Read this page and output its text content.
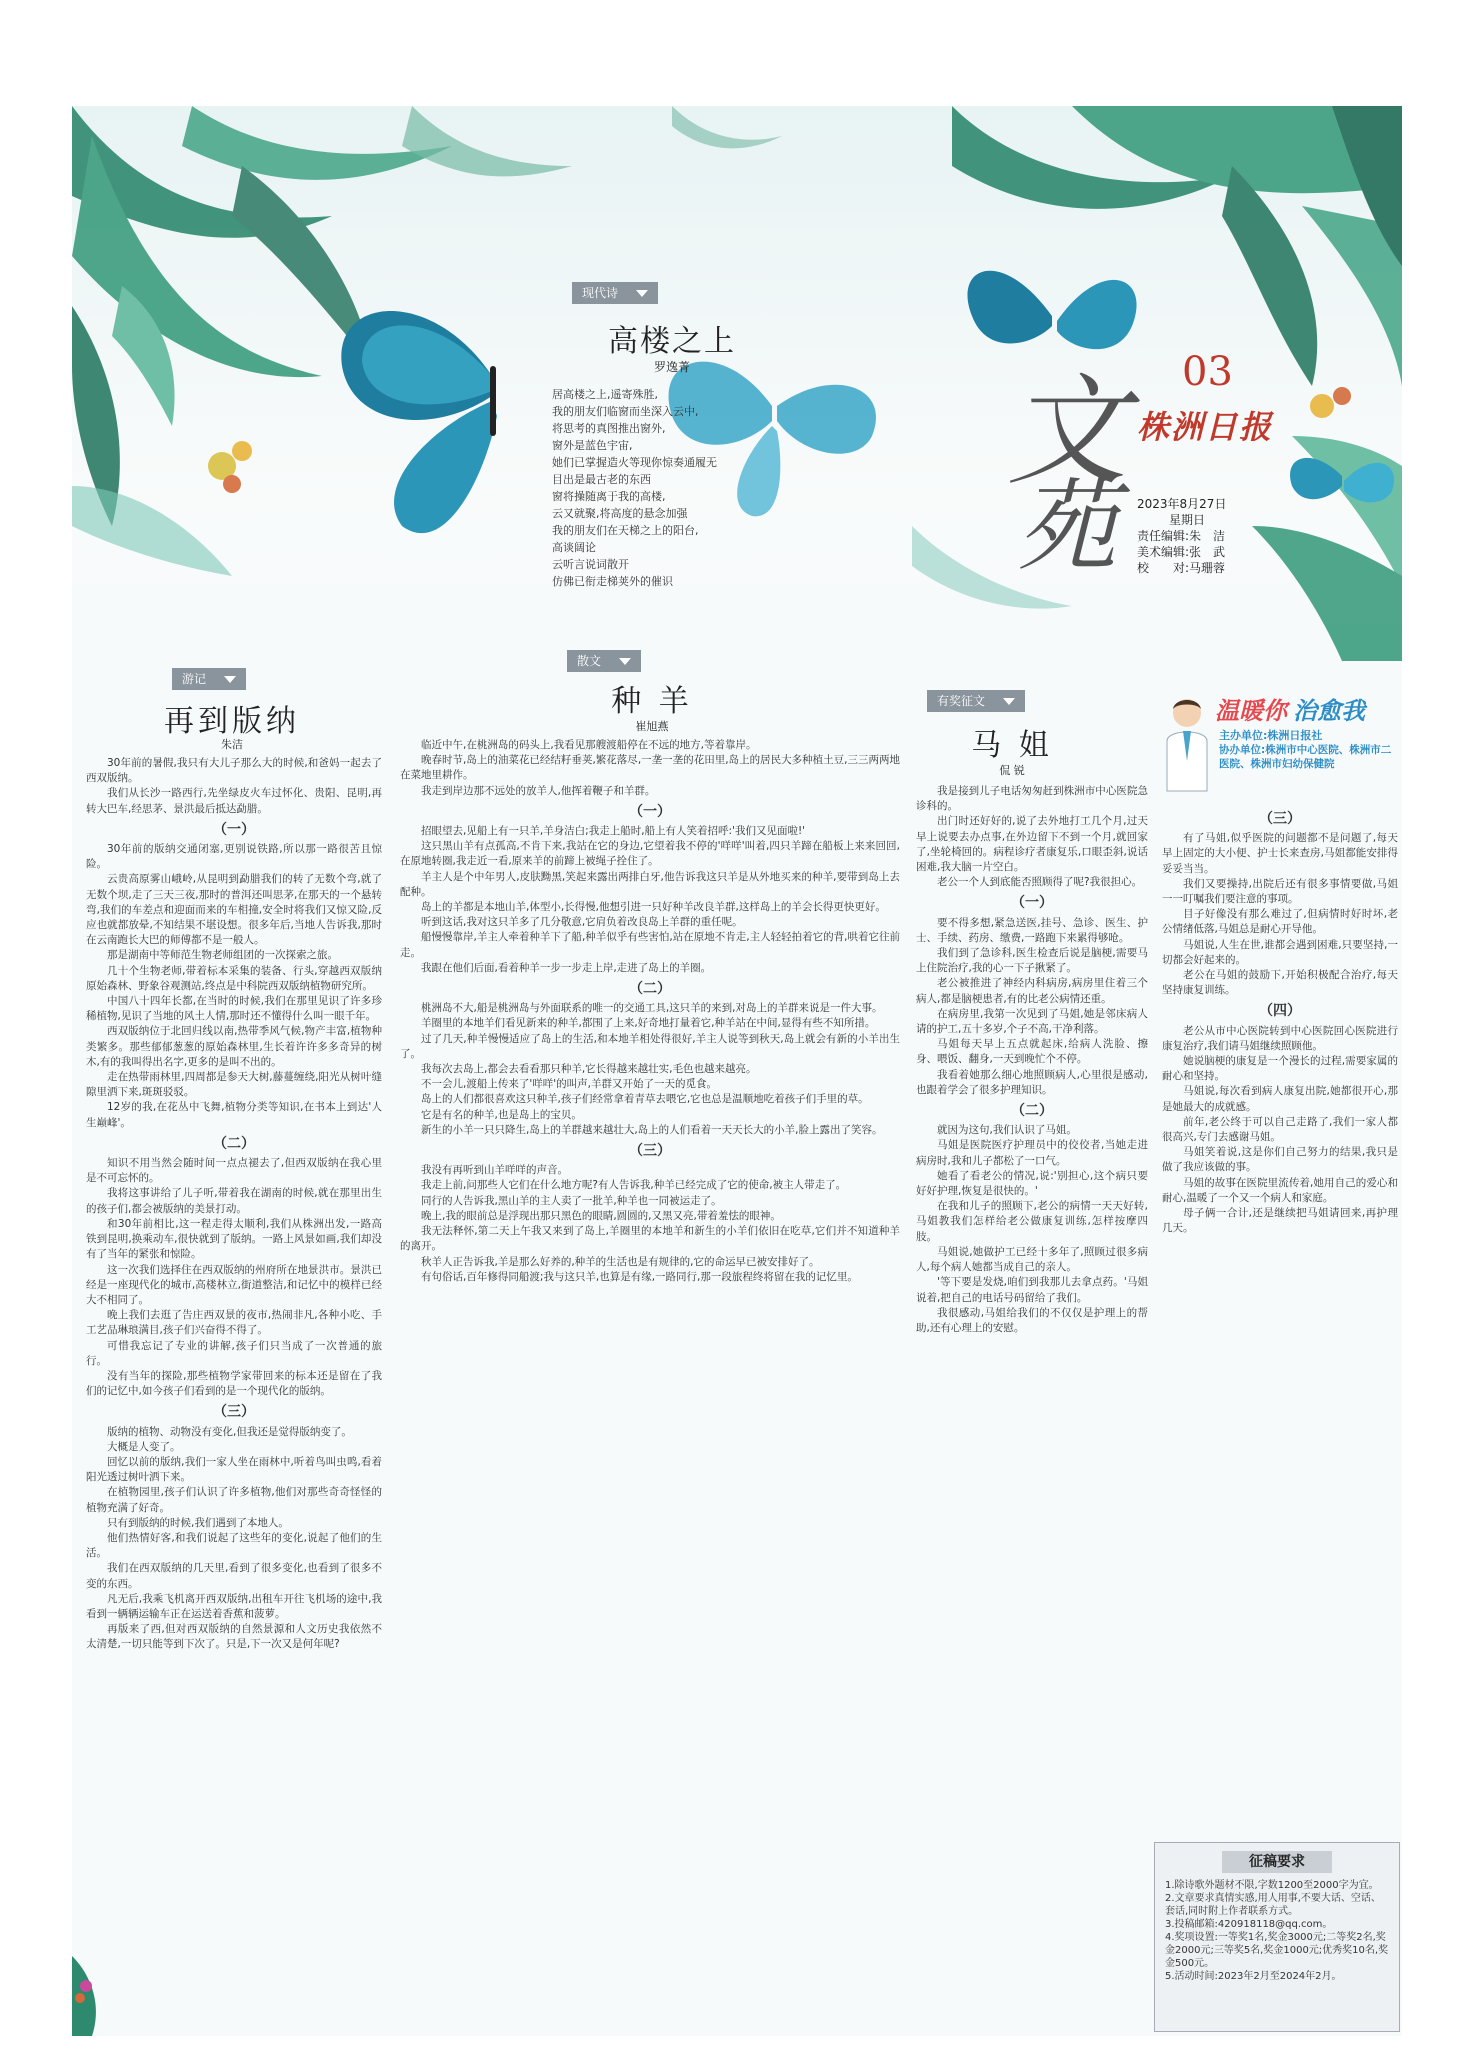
现代诗
高楼之上
罗逸菁
居高楼之上,遥寄殊胜,
我的朋友们临窗而坐深入云中,
将思考的真图推出窗外,
窗外是蓝色宇宙,
她们已掌握造火等现你惊奏通履无
目出是最古老的东西
窗将操随离于我的高楼,
云又就聚,将高度的悬念加强
我的朋友们在天梯之上的阳台,
高谈阔论
云听言说词散开
仿佛已衔走梯荚外的催识
文
苑
03
株洲日报
2023年8月27日
星期日
责任编辑:朱　洁
美术编辑:张　武
校　　对:马珊蓉
游记
再到版纳
朱洁

30年前的暑假,我只有大儿子那么大的时候,和爸妈一起去了西双版纳。

我们从长沙一路西行,先坐绿皮火车过怀化、贵阳、昆明,再转大巴车,经思茅、景洪最后抵达勐腊。

（一）

30年前的版纳交通闭塞,更别说铁路,所以那一路很苦且惊险。

云贵高原雾山峨岭,从昆明到勐腊我们的转了无数个弯,就了无数个坝,走了三天三夜,那时的普洱还叫思茅,在那天的一个悬转弯,我们的车差点和迎面而来的车相撞,安全时将我们又惊又险,反应也就都放晕,不知结果不堪设想。很多年后,当地人告诉我,那时在云南跑长大巴的师傅都不是一般人。

那是湖南中等师范生物老师组团的一次探索之旅。

几十个生物老师,带着标本采集的装备、行头,穿越西双版纳原始森林、野象谷观测站,终点是中科院西双版纳植物研究所。

中国八十四年长都,在当时的时候,我们在那里见识了许多珍稀植物,见识了当地的风土人情,那时还不懂得什么叫一眼千年。

西双版纳位于北回归线以南,热带季风气候,物产丰富,植物种类繁多。那些郁郁葱葱的原始森林里,生长着许许多多奇异的树木,有的我叫得出名字,更多的是叫不出的。

走在热带雨林里,四周都是参天大树,藤蔓缠绕,阳光从树叶缝隙里洒下来,斑斑驳驳。

12岁的我,在花丛中飞舞,植物分类等知识,在书本上到达'人生巅峰'。

（二）

知识不用当然会随时间一点点褪去了,但西双版纳在我心里是不可忘怀的。

我将这事讲给了儿子听,带着我在湖南的时候,就在那里出生的孩子们,都会被版纳的美景打动。

和30年前相比,这一程走得太顺利,我们从株洲出发,一路高铁到昆明,换乘动车,很快就到了版纳。一路上风景如画,我们却没有了当年的紧张和惊险。

这一次我们选择住在西双版纳的州府所在地景洪市。景洪已经是一座现代化的城市,高楼林立,街道整洁,和记忆中的模样已经大不相同了。

晚上我们去逛了告庄西双景的夜市,热闹非凡,各种小吃、手工艺品琳琅满目,孩子们兴奋得不得了。

可惜我忘记了专业的讲解,孩子们只当成了一次普通的旅行。

没有当年的探险,那些植物学家带回来的标本还是留在了我们的记忆中,如今孩子们看到的是一个现代化的版纳。

（三）

版纳的植物、动物没有变化,但我还是觉得版纳变了。

大概是人变了。

回忆以前的版纳,我们一家人坐在雨林中,听着鸟叫虫鸣,看着阳光透过树叶洒下来。

在植物园里,孩子们认识了许多植物,他们对那些奇奇怪怪的植物充满了好奇。

只有到版纳的时候,我们遇到了本地人。

他们热情好客,和我们说起了这些年的变化,说起了他们的生活。

我们在西双版纳的几天里,看到了很多变化,也看到了很多不变的东西。

凡无后,我乘飞机离开西双版纳,出租车开往飞机场的途中,我看到一辆辆运输车正在运送着香蕉和菠萝。

再版来了西,但对西双版纳的自然景源和人文历史我依然不太清楚,一切只能等到下次了。只是,下一次又是何年呢?

散文
种 羊
崔旭燕

临近中午,在桃洲岛的码头上,我看见那艘渡船停在不远的地方,等着靠岸。

晚春时节,岛上的油菜花已经结籽垂荚,繁花落尽,一垄一垄的花田里,岛上的居民大多种植土豆,三三两两地在菜地里耕作。

我走到岸边那不远处的放羊人,他挥着鞭子和羊群。

（一）

招眼望去,见船上有一只羊,羊身洁白;我走上船时,船上有人笑着招呼:'我们又见面啦!'

这只黑山羊有点孤高,不肯下来,我站在它的身边,它望着我不停的'咩咩'叫着,四只羊蹄在船板上来来回回,在原地转圈,我走近一看,原来羊的前蹄上被绳子拴住了。

羊主人是个中年男人,皮肤黝黑,笑起来露出两排白牙,他告诉我这只羊是从外地买来的种羊,要带到岛上去配种。

岛上的羊都是本地山羊,体型小,长得慢,他想引进一只好种羊改良羊群,这样岛上的羊会长得更快更好。

听到这话,我对这只羊多了几分敬意,它肩负着改良岛上羊群的重任呢。

船慢慢靠岸,羊主人牵着种羊下了船,种羊似乎有些害怕,站在原地不肯走,主人轻轻拍着它的背,哄着它往前走。

我跟在他们后面,看着种羊一步一步走上岸,走进了岛上的羊圈。

（二）

桃洲岛不大,船是桃洲岛与外面联系的唯一的交通工具,这只羊的来到,对岛上的羊群来说是一件大事。

羊圈里的本地羊们看见新来的种羊,都围了上来,好奇地打量着它,种羊站在中间,显得有些不知所措。

过了几天,种羊慢慢适应了岛上的生活,和本地羊相处得很好,羊主人说等到秋天,岛上就会有新的小羊出生了。

我每次去岛上,都会去看看那只种羊,它长得越来越壮实,毛色也越来越亮。

不一会儿,渡船上传来了'咩咩'的叫声,羊群又开始了一天的觅食。

岛上的人们都很喜欢这只种羊,孩子们经常拿着青草去喂它,它也总是温顺地吃着孩子们手里的草。

它是有名的种羊,也是岛上的宝贝。

新生的小羊一只只降生,岛上的羊群越来越壮大,岛上的人们看着一天天长大的小羊,脸上露出了笑容。

（三）

我没有再听到山羊咩咩的声音。

我走上前,问那些人它们在什么地方呢?有人告诉我,种羊已经完成了它的使命,被主人带走了。

同行的人告诉我,黑山羊的主人卖了一批羊,种羊也一同被运走了。

晚上,我的眼前总是浮现出那只黑色的眼睛,圆圆的,又黑又亮,带着羞怯的眼神。

我无法释怀,第二天上午我又来到了岛上,羊圈里的本地羊和新生的小羊们依旧在吃草,它们并不知道种羊的离开。

秋羊人正告诉我,羊是那么好养的,种羊的生活也是有规律的,它的命运早已被安排好了。

有句俗话,百年修得同船渡;我与这只羊,也算是有缘,一路同行,那一段旅程终将留在我的记忆里。

有奖征文
马 姐
侃 锐

我是接到儿子电话匆匆赶到株洲市中心医院急诊科的。

出门时还好好的,说了去外地打工几个月,过天早上说要去办点事,在外边留下不到一个月,就回家了,坐轮椅回的。病程诊疗者康复乐,口眼歪斜,说话困难,我大脑一片空白。

老公一个人到底能否照顾得了呢?我很担心。

（一）

要不得多想,紧急送医,挂号、急诊、医生、护士、手续、药房、缴费,一路跑下来累得够呛。

我们到了急诊科,医生检查后说是脑梗,需要马上住院治疗,我的心一下子揪紧了。

老公被推进了神经内科病房,病房里住着三个病人,都是脑梗患者,有的比老公病情还重。

在病房里,我第一次见到了马姐,她是邻床病人请的护工,五十多岁,个子不高,干净利落。

马姐每天早上五点就起床,给病人洗脸、擦身、喂饭、翻身,一天到晚忙个不停。

我看着她那么细心地照顾病人,心里很是感动,也跟着学会了很多护理知识。

（二）

就因为这句,我们认识了马姐。

马姐是医院医疗护理员中的佼佼者,当她走进病房时,我和儿子都松了一口气。

她看了看老公的情况,说:'别担心,这个病只要好好护理,恢复是很快的。'

在我和儿子的照顾下,老公的病情一天天好转,马姐教我们怎样给老公做康复训练,怎样按摩四肢。

马姐说,她做护工已经十多年了,照顾过很多病人,每个病人她都当成自己的亲人。

'等下要是发烧,咱们到我那儿去拿点药。'马姐说着,把自己的电话号码留给了我们。

我很感动,马姐给我们的不仅仅是护理上的帮助,还有心理上的安慰。

（三）

有了马姐,似乎医院的问题都不是问题了,每天早上固定的大小便、护士长来查房,马姐都能安排得妥妥当当。

我们又要操持,出院后还有很多事情要做,马姐一一叮嘱我们要注意的事项。

目子好像没有那么难过了,但病情时好时坏,老公情绪低落,马姐总是耐心开导他。

马姐说,人生在世,谁都会遇到困难,只要坚持,一切都会好起来的。

老公在马姐的鼓励下,开始积极配合治疗,每天坚持康复训练。

（四）

老公从市中心医院转到中心医院回心医院进行康复治疗,我们请马姐继续照顾他。

她说脑梗的康复是一个漫长的过程,需要家属的耐心和坚持。

马姐说,每次看到病人康复出院,她都很开心,那是她最大的成就感。

前年,老公终于可以自己走路了,我们一家人都很高兴,专门去感谢马姐。

马姐笑着说,这是你们自己努力的结果,我只是做了我应该做的事。

马姐的故事在医院里流传着,她用自己的爱心和耐心,温暖了一个又一个病人和家庭。

母子俩一合计,还是继续把马姐请回来,再护理几天。

温暖你 治愈我
主办单位:株洲日报社
协办单位:株洲市中心医院、株洲市二医院、株洲市妇幼保健院
征稿要求
1.除诗歌外题材不限,字数1200至2000字为宜。
2.文章要求真情实感,用人用事,不要大话、空话、套话,同时附上作者联系方式。
3.投稿邮箱:420918118@qq.com。
4.奖项设置:一等奖1名,奖金3000元;二等奖2名,奖金2000元;三等奖5名,奖金1000元;优秀奖10名,奖金500元。
5.活动时间:2023年2月至2024年2月。
